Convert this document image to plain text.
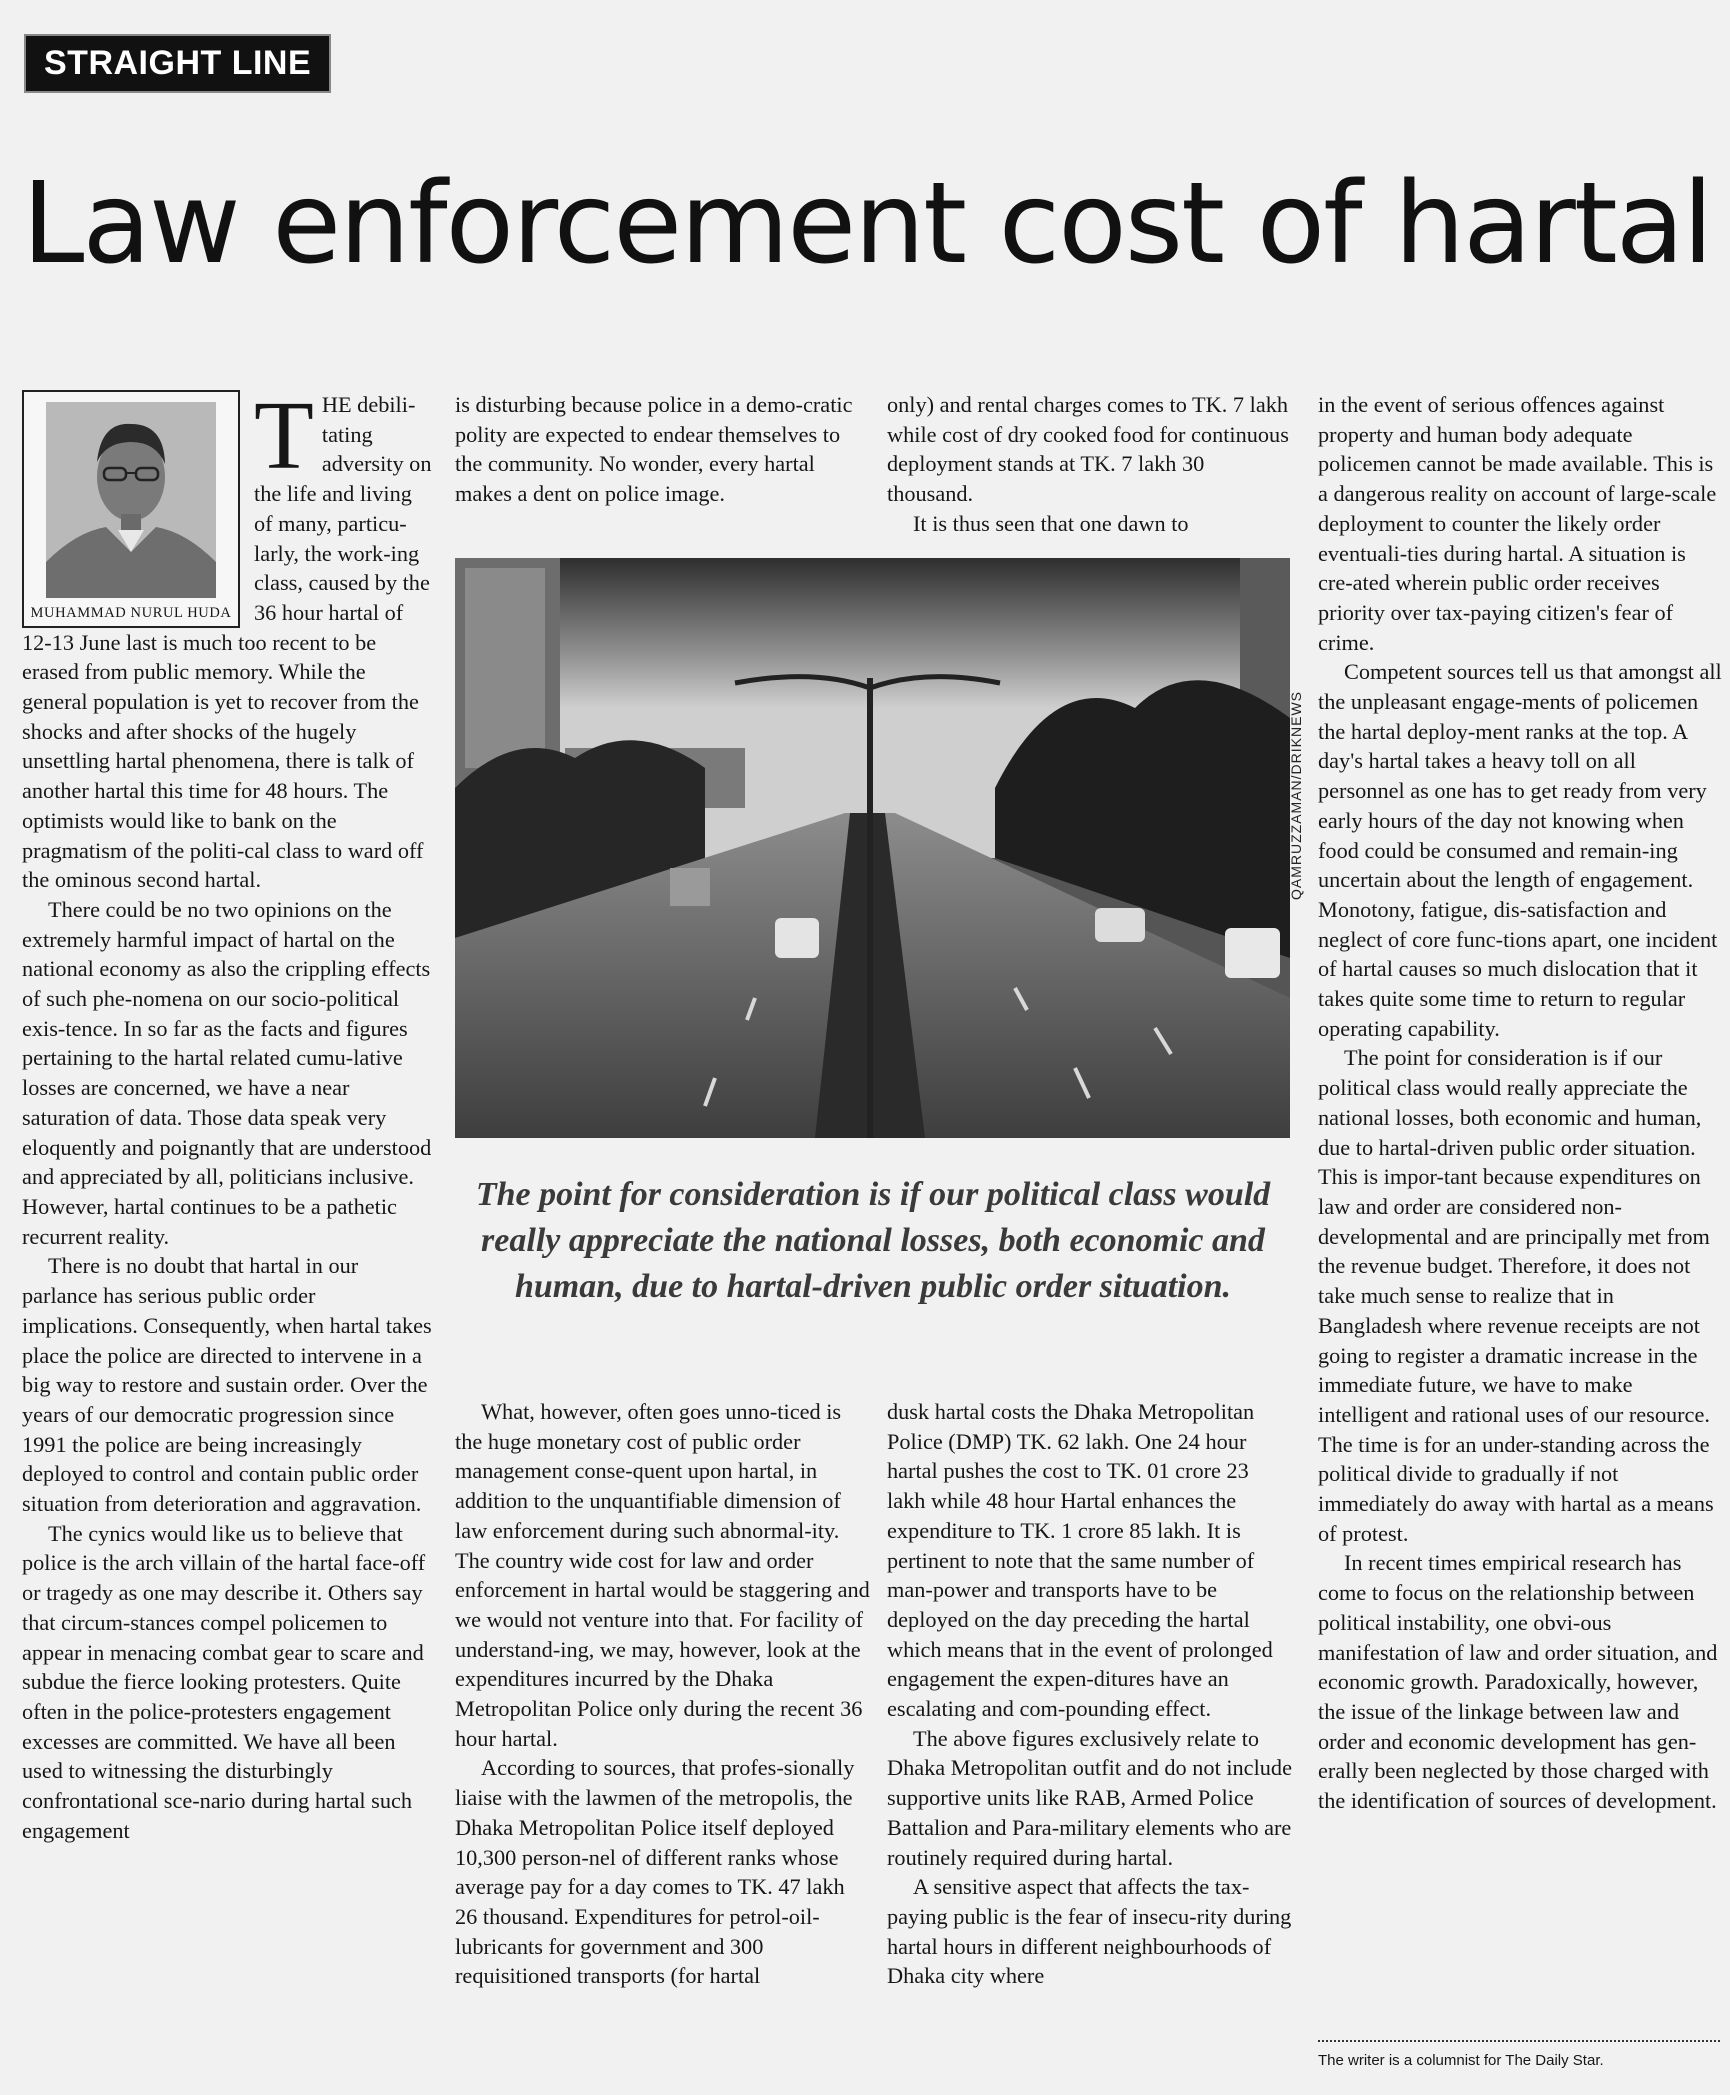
STRAIGHT LINE
Law enforcement cost of hartal
MUHAMMAD NURUL HUDA

THE debili-tating adversity on the life and living of many, particu-larly, the work-ing class, caused by the 36 hour hartal of 12-13 June last is much too recent to be erased from public memory. While the general population is yet to recover from the shocks and after shocks of the hugely unsettling hartal phenomena, there is talk of another hartal this time for 48 hours. The optimists would like to bank on the pragmatism of the politi-cal class to ward off the ominous second hartal.

There could be no two opinions on the extremely harmful impact of hartal on the national economy as also the crippling effects of such phe-nomena on our socio-political exis-tence. In so far as the facts and figures pertaining to the hartal related cumu-lative losses are concerned, we have a near saturation of data. Those data speak very eloquently and poignantly that are understood and appreciated by all, politicians inclusive. However, hartal continues to be a pathetic recurrent reality.

There is no doubt that hartal in our parlance has serious public order implications. Consequently, when hartal takes place the police are directed to intervene in a big way to restore and sustain order. Over the years of our democratic progression since 1991 the police are being increasingly deployed to control and contain public order situation from deterioration and aggravation.

The cynics would like us to believe that police is the arch villain of the hartal face-off or tragedy as one may describe it. Others say that circum-stances compel policemen to appear in menacing combat gear to scare and subdue the fierce looking protesters. Quite often in the police-protesters engagement excesses are committed. We have all been used to witnessing the disturbingly confrontational sce-nario during hartal such engagement

is disturbing because police in a demo-cratic polity are expected to endear themselves to the community. No wonder, every hartal makes a dent on police image.

only) and rental charges comes to TK. 7 lakh while cost of dry cooked food for continuous deployment stands at TK. 7 lakh 30 thousand.

It is thus seen that one dawn to

QAMRUZZAMAN/DRIKNEWS
The point for consideration is if our political class would really appreciate the national losses, both economic and human, due to hartal-driven public order situation.

What, however, often goes unno-ticed is the huge monetary cost of public order management conse-quent upon hartal, in addition to the unquantifiable dimension of law enforcement during such abnormal-ity. The country wide cost for law and order enforcement in hartal would be staggering and we would not venture into that. For facility of understand-ing, we may, however, look at the expenditures incurred by the Dhaka Metropolitan Police only during the recent 36 hour hartal.

According to sources, that profes-sionally liaise with the lawmen of the metropolis, the Dhaka Metropolitan Police itself deployed 10,300 person-nel of different ranks whose average pay for a day comes to TK. 47 lakh 26 thousand. Expenditures for petrol-oil-lubricants for government and 300 requisitioned transports (for hartal

dusk hartal costs the Dhaka Metropolitan Police (DMP) TK. 62 lakh. One 24 hour hartal pushes the cost to TK. 01 crore 23 lakh while 48 hour Hartal enhances the expenditure to TK. 1 crore 85 lakh. It is pertinent to note that the same number of man-power and transports have to be deployed on the day preceding the hartal which means that in the event of prolonged engagement the expen-ditures have an escalating and com-pounding effect.

The above figures exclusively relate to Dhaka Metropolitan outfit and do not include supportive units like RAB, Armed Police Battalion and Para-military elements who are routinely required during hartal.

A sensitive aspect that affects the tax-paying public is the fear of insecu-rity during hartal hours in different neighbourhoods of Dhaka city where

in the event of serious offences against property and human body adequate policemen cannot be made available. This is a dangerous reality on account of large-scale deployment to counter the likely order eventuali-ties during hartal. A situation is cre-ated wherein public order receives priority over tax-paying citizen's fear of crime.

Competent sources tell us that amongst all the unpleasant engage-ments of policemen the hartal deploy-ment ranks at the top. A day's hartal takes a heavy toll on all personnel as one has to get ready from very early hours of the day not knowing when food could be consumed and remain-ing uncertain about the length of engagement. Monotony, fatigue, dis-satisfaction and neglect of core func-tions apart, one incident of hartal causes so much dislocation that it takes quite some time to return to regular operating capability.

The point for consideration is if our political class would really appreciate the national losses, both economic and human, due to hartal-driven public order situation. This is impor-tant because expenditures on law and order are considered non-developmental and are principally met from the revenue budget. Therefore, it does not take much sense to realize that in Bangladesh where revenue receipts are not going to register a dramatic increase in the immediate future, we have to make intelligent and rational uses of our resource. The time is for an under-standing across the political divide to gradually if not immediately do away with hartal as a means of protest.

In recent times empirical research has come to focus on the relationship between political instability, one obvi-ous manifestation of law and order situation, and economic growth. Paradoxically, however, the issue of the linkage between law and order and economic development has gen-erally been neglected by those charged with the identification of sources of development.

The writer is a columnist for The Daily Star.
